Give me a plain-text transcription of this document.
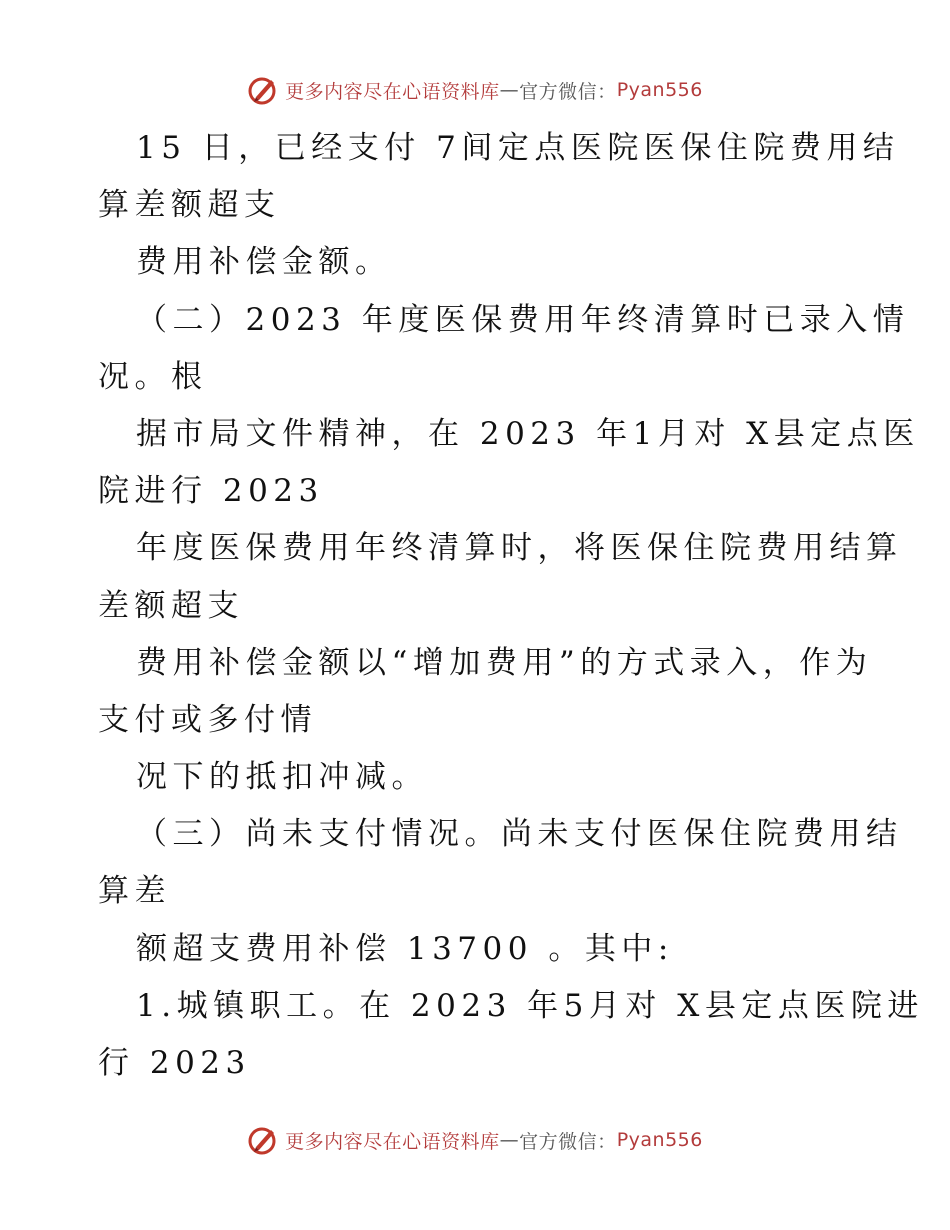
更多内容尽在心语资料库 — 官方微信： Pyan556
15 日，已经支付 7间定点医院医保住院费用结
算差额超支
费用补偿金额。
（二）2023 年度医保费用年终清算时已录入情
况。根
据市局文件精神，在 2023 年1月对 X县定点医
院进行 2023
年度医保费用年终清算时，将医保住院费用结算
差额超支
费用补偿金额以“增加费用”的方式录入，作为
支付或多付情
况下的抵扣冲减。
（三）尚未支付情况。尚未支付医保住院费用结
算差
额超支费用补偿 13700 。其中:
1.城镇职工。在 2023 年5月对 X县定点医院进
行 2023
更多内容尽在心语资料库 — 官方微信： Pyan556
